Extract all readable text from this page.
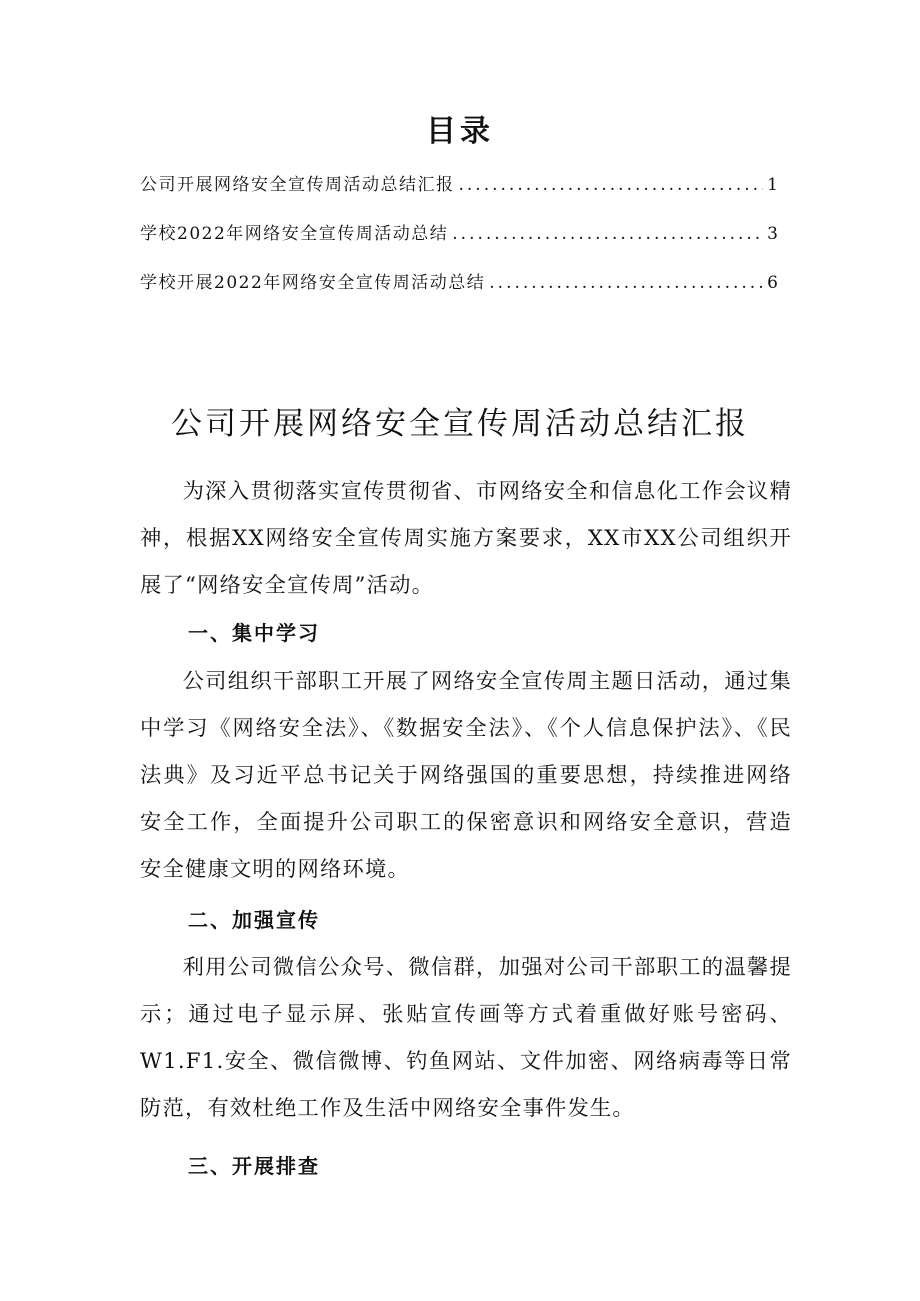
目录
公司开展网络安全宣传周活动总结汇报 .....	1
学校2022年网络安全宣传周活动总结 .....	3
学校开展2022年网络安全宣传周活动总结 .....	6
公司开展网络安全宣传周活动总结汇报

为深入贯彻落实宣传贯彻省、市网络安全和信息化工作会议精神，根据XX网络安全宣传周实施方案要求，XX市XX公司组织开展了“网络安全宣传周”活动。

一、集中学习

公司组织干部职工开展了网络安全宣传周主题日活动，通过集中学习《网络安全法》、《数据安全法》、《个人信息保护法》、《民法典》及习近平总书记关于网络强国的重要思想，持续推进网络安全工作，全面提升公司职工的保密意识和网络安全意识，营造安全健康文明的网络环境。

二、加强宣传

利用公司微信公众号、微信群，加强对公司干部职工的温馨提示；通过电子显示屏、张贴宣传画等方式着重做好账号密码、W1.F1.安全、微信微博、钓鱼网站、文件加密、网络病毒等日常防范，有效杜绝工作及生活中网络安全事件发生。

三、开展排查
